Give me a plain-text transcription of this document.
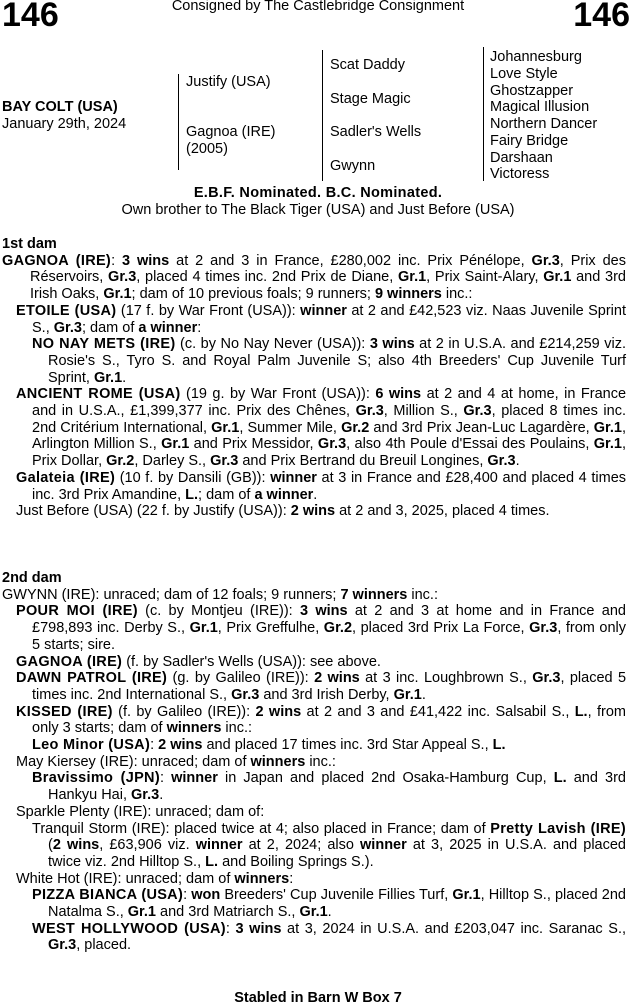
146	Consigned by The Castlebridge Consignment	146
BAY COLT (USA)
January 29th, 2024
Justify (USA)
Gagnoa (IRE)
(2005)
Scat Daddy
Stage Magic
Sadler's Wells
Gwynn
Johannesburg
Love Style
Ghostzapper
Magical Illusion
Northern Dancer
Fairy Bridge
Darshaan
Victoress
E.B.F. Nominated. B.C. Nominated.
Own brother to The Black Tiger (USA) and Just Before (USA)
1st dam

GAGNOA (IRE): 3 wins at 2 and 3 in France, £280,002 inc. Prix Pénélope, Gr.3, Prix des Réservoirs, Gr.3, placed 4 times inc. 2nd Prix de Diane, Gr.1, Prix Saint-Alary, Gr.1 and 3rd Irish Oaks, Gr.1; dam of 10 previous foals; 9 runners; 9 winners inc.:

ETOILE (USA) (17 f. by War Front (USA)): winner at 2 and £42,523 viz. Naas Juvenile Sprint S., Gr.3; dam of a winner:

NO NAY METS (IRE) (c. by No Nay Never (USA)): 3 wins at 2 in U.S.A. and £214,259 viz. Rosie's S., Tyro S. and Royal Palm Juvenile S; also 4th Breeders' Cup Juvenile Turf Sprint, Gr.1.

ANCIENT ROME (USA) (19 g. by War Front (USA)): 6 wins at 2 and 4 at home, in France and in U.S.A., £1,399,377 inc. Prix des Chênes, Gr.3, Million S., Gr.3, placed 8 times inc. 2nd Critérium International, Gr.1, Summer Mile, Gr.2 and 3rd Prix Jean-Luc Lagardère, Gr.1, Arlington Million S., Gr.1 and Prix Messidor, Gr.3, also 4th Poule d'Essai des Poulains, Gr.1, Prix Dollar, Gr.2, Darley S., Gr.3 and Prix Bertrand du Breuil Longines, Gr.3.

Galateia (IRE) (10 f. by Dansili (GB)): winner at 3 in France and £28,400 and placed 4 times inc. 3rd Prix Amandine, L.; dam of a winner.

Just Before (USA) (22 f. by Justify (USA)): 2 wins at 2 and 3, 2025, placed 4 times.

2nd dam

GWYNN (IRE): unraced; dam of 12 foals; 9 runners; 7 winners inc.:

POUR MOI (IRE) (c. by Montjeu (IRE)): 3 wins at 2 and 3 at home and in France and £798,893 inc. Derby S., Gr.1, Prix Greffulhe, Gr.2, placed 3rd Prix La Force, Gr.3, from only 5 starts; sire.

GAGNOA (IRE) (f. by Sadler's Wells (USA)): see above.

DAWN PATROL (IRE) (g. by Galileo (IRE)): 2 wins at 3 inc. Loughbrown S., Gr.3, placed 5 times inc. 2nd International S., Gr.3 and 3rd Irish Derby, Gr.1.

KISSED (IRE) (f. by Galileo (IRE)): 2 wins at 2 and 3 and £41,422 inc. Salsabil S., L., from only 3 starts; dam of winners inc.:

Leo Minor (USA): 2 wins and placed 17 times inc. 3rd Star Appeal S., L.

May Kiersey (IRE): unraced; dam of winners inc.:

Bravissimo (JPN): winner in Japan and placed 2nd Osaka-Hamburg Cup, L. and 3rd Hankyu Hai, Gr.3.

Sparkle Plenty (IRE): unraced; dam of:

Tranquil Storm (IRE): placed twice at 4; also placed in France; dam of Pretty Lavish (IRE) (2 wins, £63,906 viz. winner at 2, 2024; also winner at 3, 2025 in U.S.A. and placed twice viz. 2nd Hilltop S., L. and Boiling Springs S.).

White Hot (IRE): unraced; dam of winners:

PIZZA BIANCA (USA): won Breeders' Cup Juvenile Fillies Turf, Gr.1, Hilltop S., placed 2nd Natalma S., Gr.1 and 3rd Matriarch S., Gr.1.

WEST HOLLYWOOD (USA): 3 wins at 3, 2024 in U.S.A. and £203,047 inc. Saranac S., Gr.3, placed.

Stabled in Barn W Box 7
